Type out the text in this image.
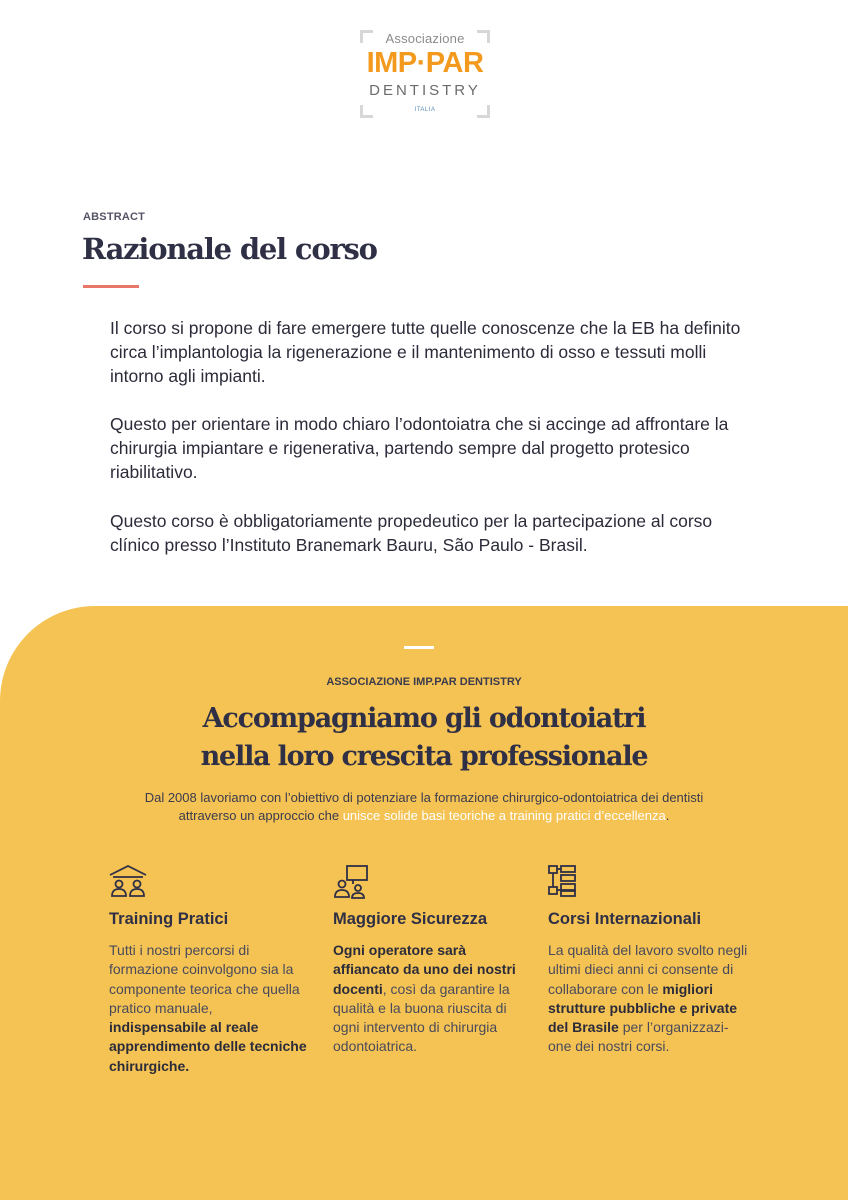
Associazione
IMP·PAR
DENTISTRY
ITALIA
ABSTRACT
Razionale del corso

Il corso si propone di fare emergere tutte quelle conoscenze che la EB ha definito circa l’implantologia la rigenerazione e il mantenimento di osso e tessuti molli intorno agli impianti.

Questo per orientare in modo chiaro l’odontoiatra che si accinge ad affrontare la chirurgia impiantare e rigenerativa, partendo sempre dal progetto protesico riabilitativo.

Questo corso è obbligatoriamente propedeutico per la partecipazione al corso clínico presso l’Instituto Branemark Bauru, São Paulo - Brasil.

ASSOCIAZIONE IMP.PAR DENTISTRY
Accompagniamo gli odontoiatri
nella loro crescita professionale
Dal 2008 lavoriamo con l’obiettivo di potenziare la formazione chirurgico-odontoiatrica dei dentisti attraverso un approccio che unisce solide basi teoriche a training pratici d’eccellenza.
Training Pratici

Tutti i nostri percorsi di formazione coinvolgono sia la componente teorica che quella pratico manuale, indispensabile al reale apprendimento delle tecniche chirurgiche.

Maggiore Sicurezza

Ogni operatore sarà affiancato da uno dei nostri docenti, così da garantire la qualità e la buona riuscita di ogni intervento di chirurgia odontoiatrica.

Corsi Internazionali

La qualità del lavoro svolto negli ultimi dieci anni ci consente di collaborare con le migliori strutture pubbliche e private del Brasile per l’organizzazi-one dei nostri corsi.
